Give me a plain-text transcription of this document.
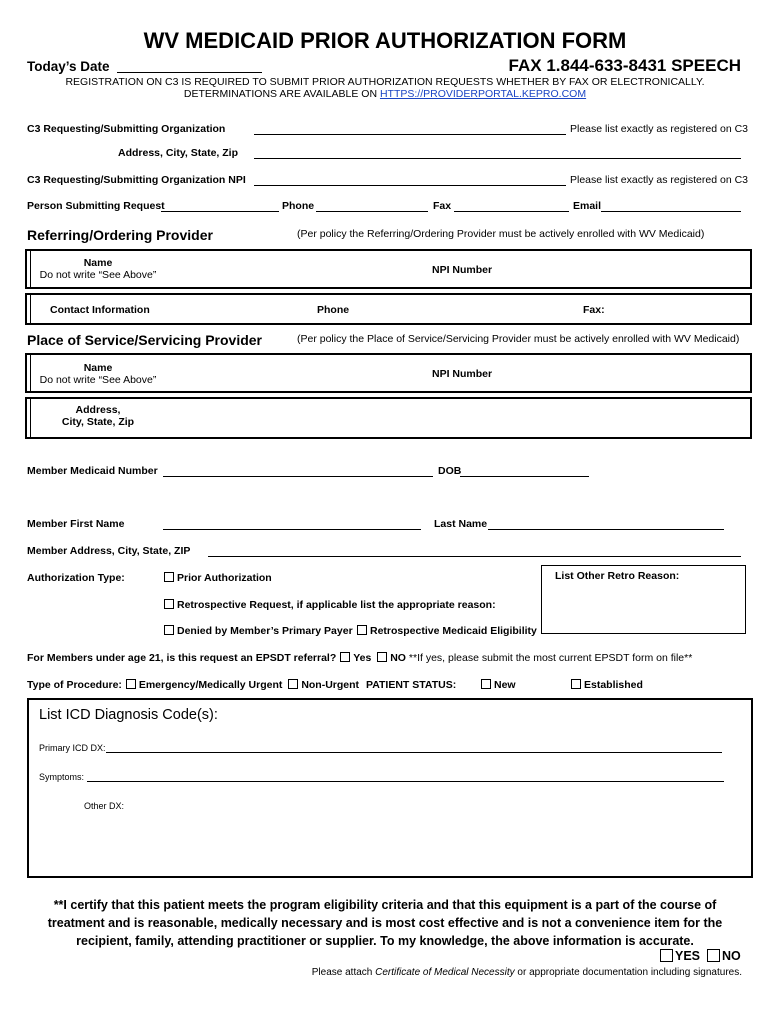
WV MEDICAID PRIOR AUTHORIZATION FORM
Today’s Date	FAX 1.844-633-8431 SPEECH
REGISTRATION ON C3 IS REQUIRED TO SUBMIT PRIOR AUTHORIZATION REQUESTS WHETHER BY FAX OR ELECTRONICALLY.
DETERMINATIONS ARE AVAILABLE ON HTTPS://PROVIDERPORTAL.KEPRO.COM
C3 Requesting/Submitting Organization	Please list exactly as registered on C3
Address, City, State, Zip
C3 Requesting/Submitting Organization NPI	Please list exactly as registered on C3
Person Submitting Request	Phone	Fax	Email
Referring/Ordering Provider	(Per policy the Referring/Ordering Provider must be actively enrolled with WV Medicaid)
Name
Do not write “See Above”	NPI Number
Contact Information	Phone	Fax:
Place of Service/Servicing Provider	(Per policy the Place of Service/Servicing Provider must be actively enrolled with WV Medicaid)
Name
Do not write “See Above”	NPI Number
Address,
City, State, Zip
Member Medicaid Number	DOB
Member First Name	Last Name
Member Address, City, State, ZIP
Authorization Type:	Prior Authorization
Retrospective Request, if applicable list the appropriate reason:
Denied by Member’s Primary Payer	Retrospective Medicaid Eligibility
List Other Retro Reason:
For Members under age 21, is this request an EPSDT referral? Yes NO **If yes, please submit the most current EPSDT form on file**
Type of Procedure: Emergency/Medically Urgent Non-Urgent PATIENT STATUS:	New	Established
List ICD Diagnosis Code(s):
Primary ICD DX:
Symptoms:
Other DX:
**I certify that this patient meets the program eligibility criteria and that this equipment is a part of the course of
treatment and is reasonable, medically necessary and is most cost effective and is not a convenience item for the
recipient, family, attending practitioner or supplier. To my knowledge, the above information is accurate.
YES	NO
Please attach Certificate of Medical Necessity or appropriate documentation including signatures.
